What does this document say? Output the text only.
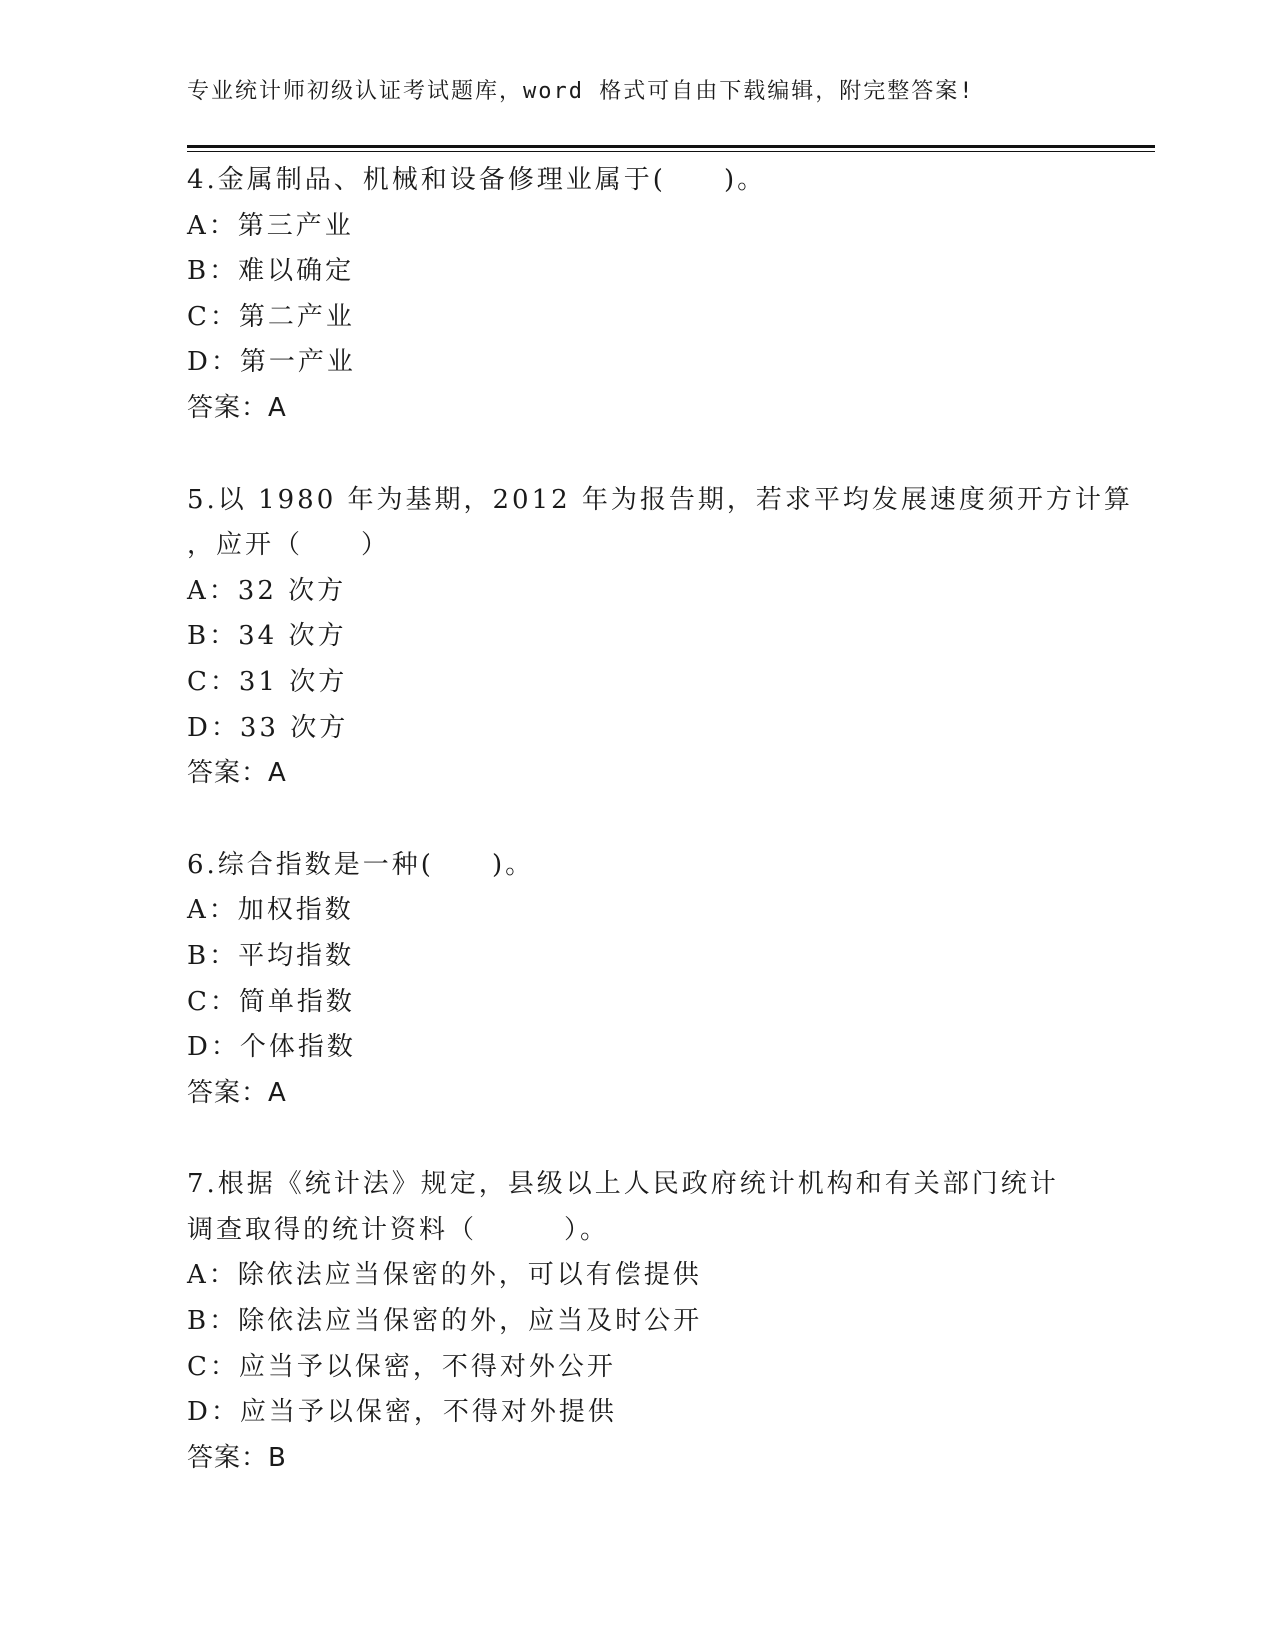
专业统计师初级认证考试题库，word 格式可自由下载编辑，附完整答案!
4.金属制品、机械和设备修理业属于(　　)。
A：第三产业
B：难以确定
C：第二产业
D：第一产业
答案：A
5.以 1980 年为基期，2012 年为报告期，若求平均发展速度须开方计算
，应开（　　）
A：32 次方
B：34 次方
C：31 次方
D：33 次方
答案：A
6.综合指数是一种(　　)。
A：加权指数
B：平均指数
C：简单指数
D：个体指数
答案：A
7.根据《统计法》规定，县级以上人民政府统计机构和有关部门统计
调查取得的统计资料（　　　）。
A：除依法应当保密的外，可以有偿提供
B：除依法应当保密的外，应当及时公开
C：应当予以保密，不得对外公开
D：应当予以保密，不得对外提供
答案：B
